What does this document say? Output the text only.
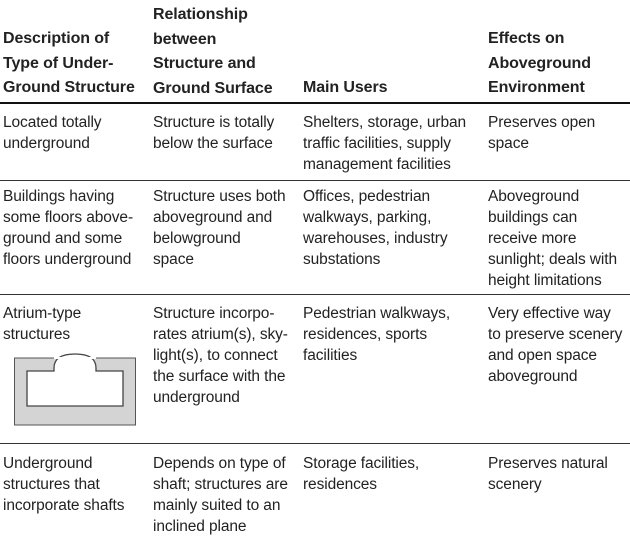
Description of
Type of Under-
Ground Structure
Relationship
between
Structure and
Ground Surface	Main Users
Effects on
Aboveground
Environment
Located totally
underground
Structure is totally
below the surface
Shelters, storage, urban
traffic facilities, supply
management facilities
Preserves open
space
Buildings having
some floors above-
ground and some
floors underground
Structure uses both
aboveground and
belowground
space
Offices, pedestrian
walkways, parking,
warehouses, industry
substations
Aboveground
buildings can
receive more
sunlight; deals with
height limitations
Atrium-type
structures
Structure incorpo-
rates atrium(s), sky-
light(s), to connect
the surface with the
underground
Pedestrian walkways,
residences, sports
facilities
Very effective way
to preserve scenery
and open space
aboveground
Underground
structures that
incorporate shafts
Depends on type of
shaft; structures are
mainly suited to an
inclined plane
Storage facilities,
residences
Preserves natural
scenery
